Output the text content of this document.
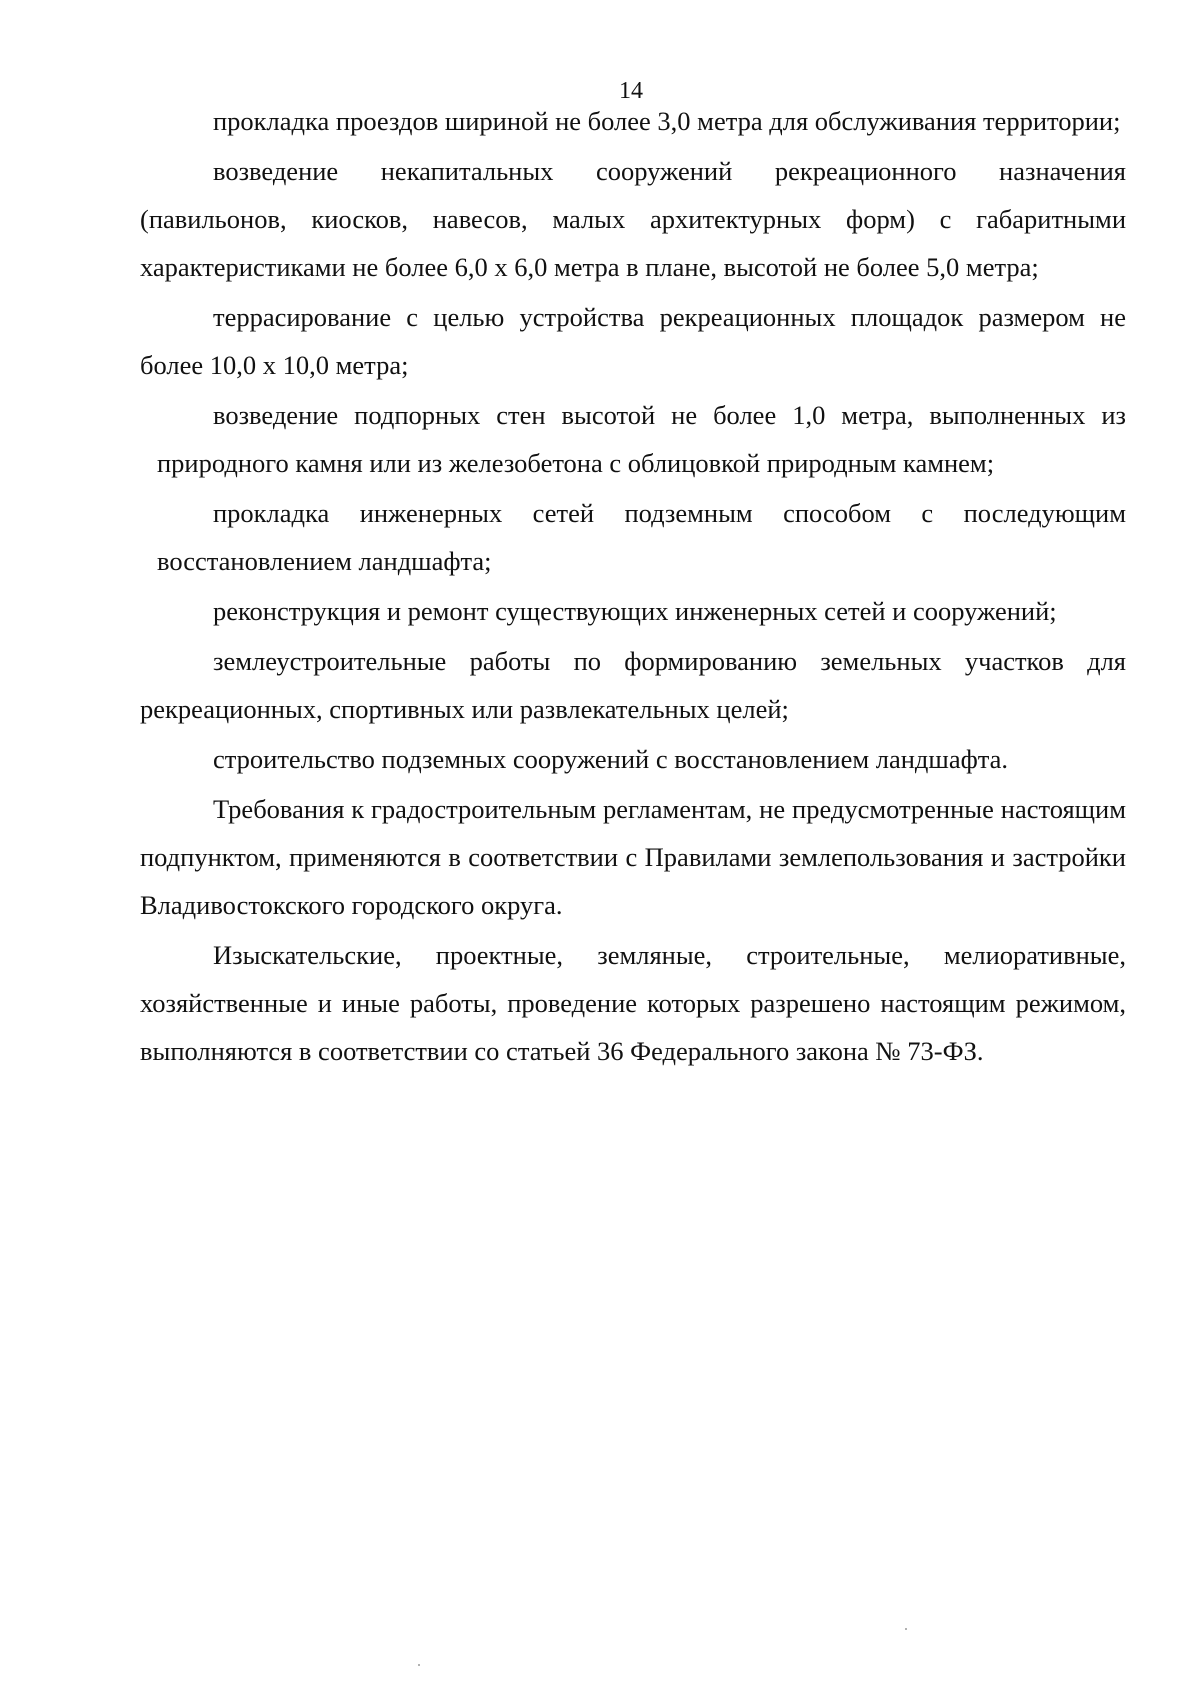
14

прокладка проездов шириной не более 3,0 метра для обслуживания территории;

возведение некапитальных сооружений рекреационного назначения (павильонов, киосков, навесов, малых архитектурных форм) с габаритными характеристиками не более 6,0 х 6,0 метра в плане, высотой не более 5,0 метра;

террасирование с целью устройства рекреационных площадок размером не более 10,0 х 10,0 метра;

возведение подпорных стен высотой не более 1,0 метра, выполненных из природного камня или из железобетона с облицовкой природным камнем;

прокладка инженерных сетей подземным способом с последующим восстановлением ландшафта;

реконструкция и ремонт существующих инженерных сетей и сооружений;

землеустроительные работы по формированию земельных участков для рекреационных, спортивных или развлекательных целей;

строительство подземных сооружений с восстановлением ландшафта.

Требования к градостроительным регламентам, не предусмотренные настоящим подпунктом, применяются в соответствии с Правилами землепользования и застройки Владивостокского городского округа.

Изыскательские, проектные, земляные, строительные, мелиоративные, хозяйственные и иные работы, проведение которых разрешено настоящим режимом, выполняются в соответствии со статьей 36 Федерального закона № 73-ФЗ.
